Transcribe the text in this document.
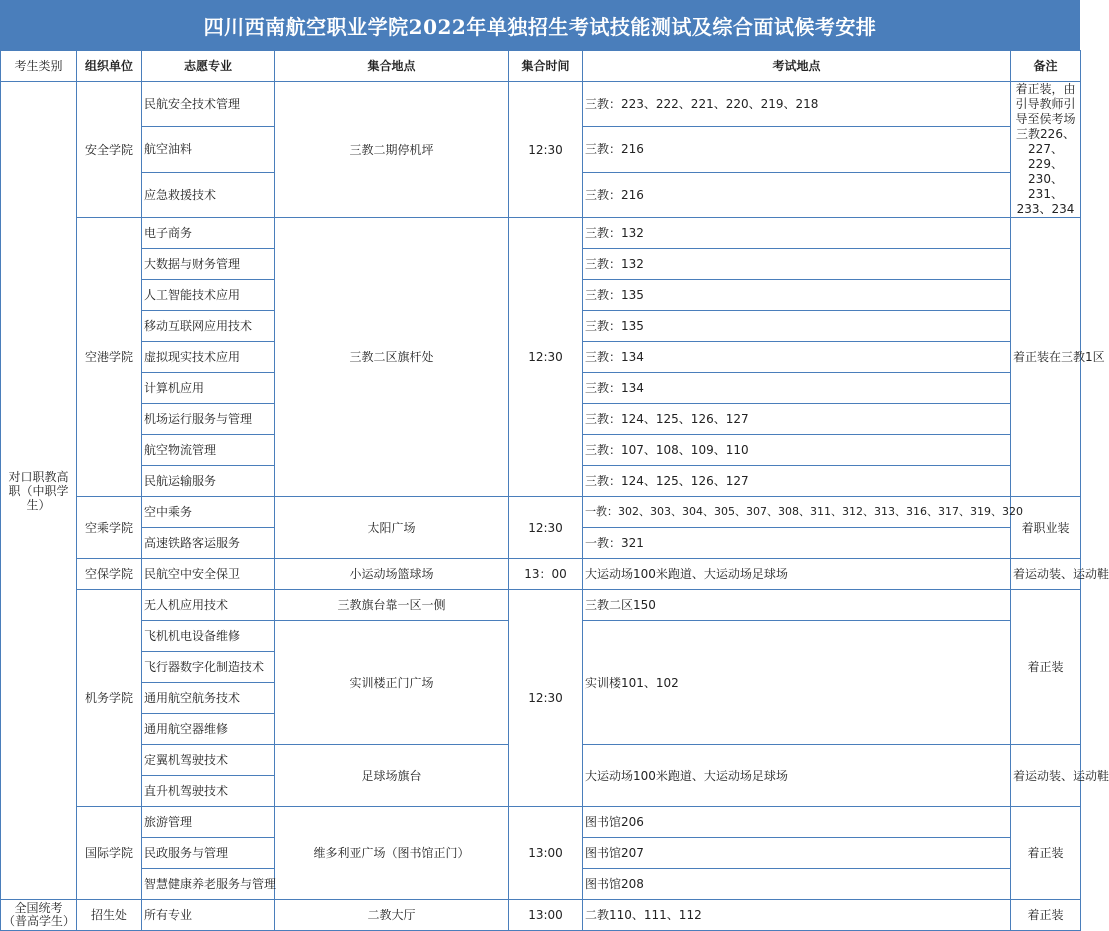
四川西南航空职业学院2022年单独招生考试技能测试及综合面试候考安排
考生类别	组织单位	志愿专业	集合地点	集合时间	考试地点	备注
对口职教高职（中职学生）	安全学院	民航安全技术管理	三教二期停机坪	12:30	三教：223、222、221、220、219、218	着正装，由引导教师引导至侯考场三教226、227、229、230、231、233、234
		航空油料			三教：216	
		应急救援技术			三教：216	
	空港学院	电子商务	三教二区旗杆处	12:30	三教：132	着正装在三教1区
		大数据与财务管理			三教：132	
		人工智能技术应用			三教：135	
		移动互联网应用技术			三教：135	
		虚拟现实技术应用			三教：134	
		计算机应用			三教：134	
		机场运行服务与管理			三教：124、125、126、127	
		航空物流管理			三教：107、108、109、110	
		民航运输服务			三教：124、125、126、127	
	空乘学院	空中乘务	太阳广场	12:30	一教：302、303、304、305、307、308、311、312、313、316、317、319、320	着职业装
		高速铁路客运服务			一教：321	
	空保学院	民航空中安全保卫	小运动场篮球场	13：00	大运动场100米跑道、大运动场足球场	着运动装、运动鞋
	机务学院	无人机应用技术	三教旗台靠一区一侧	12:30	三教二区150	着正装
		飞机机电设备维修	实训楼正门广场		实训楼101、102	
		飞行器数字化制造技术				
		通用航空航务技术				
		通用航空器维修				
		定翼机驾驶技术	足球场旗台		大运动场100米跑道、大运动场足球场	着运动装、运动鞋
		直升机驾驶技术				
	国际学院	旅游管理	维多利亚广场（图书馆正门）	13:00	图书馆206	着正装
		民政服务与管理			图书馆207	
		智慧健康养老服务与管理			图书馆208	
全国统考（普高学生）	招生处	所有专业	二教大厅	13:00	二教110、111、112	着正装
